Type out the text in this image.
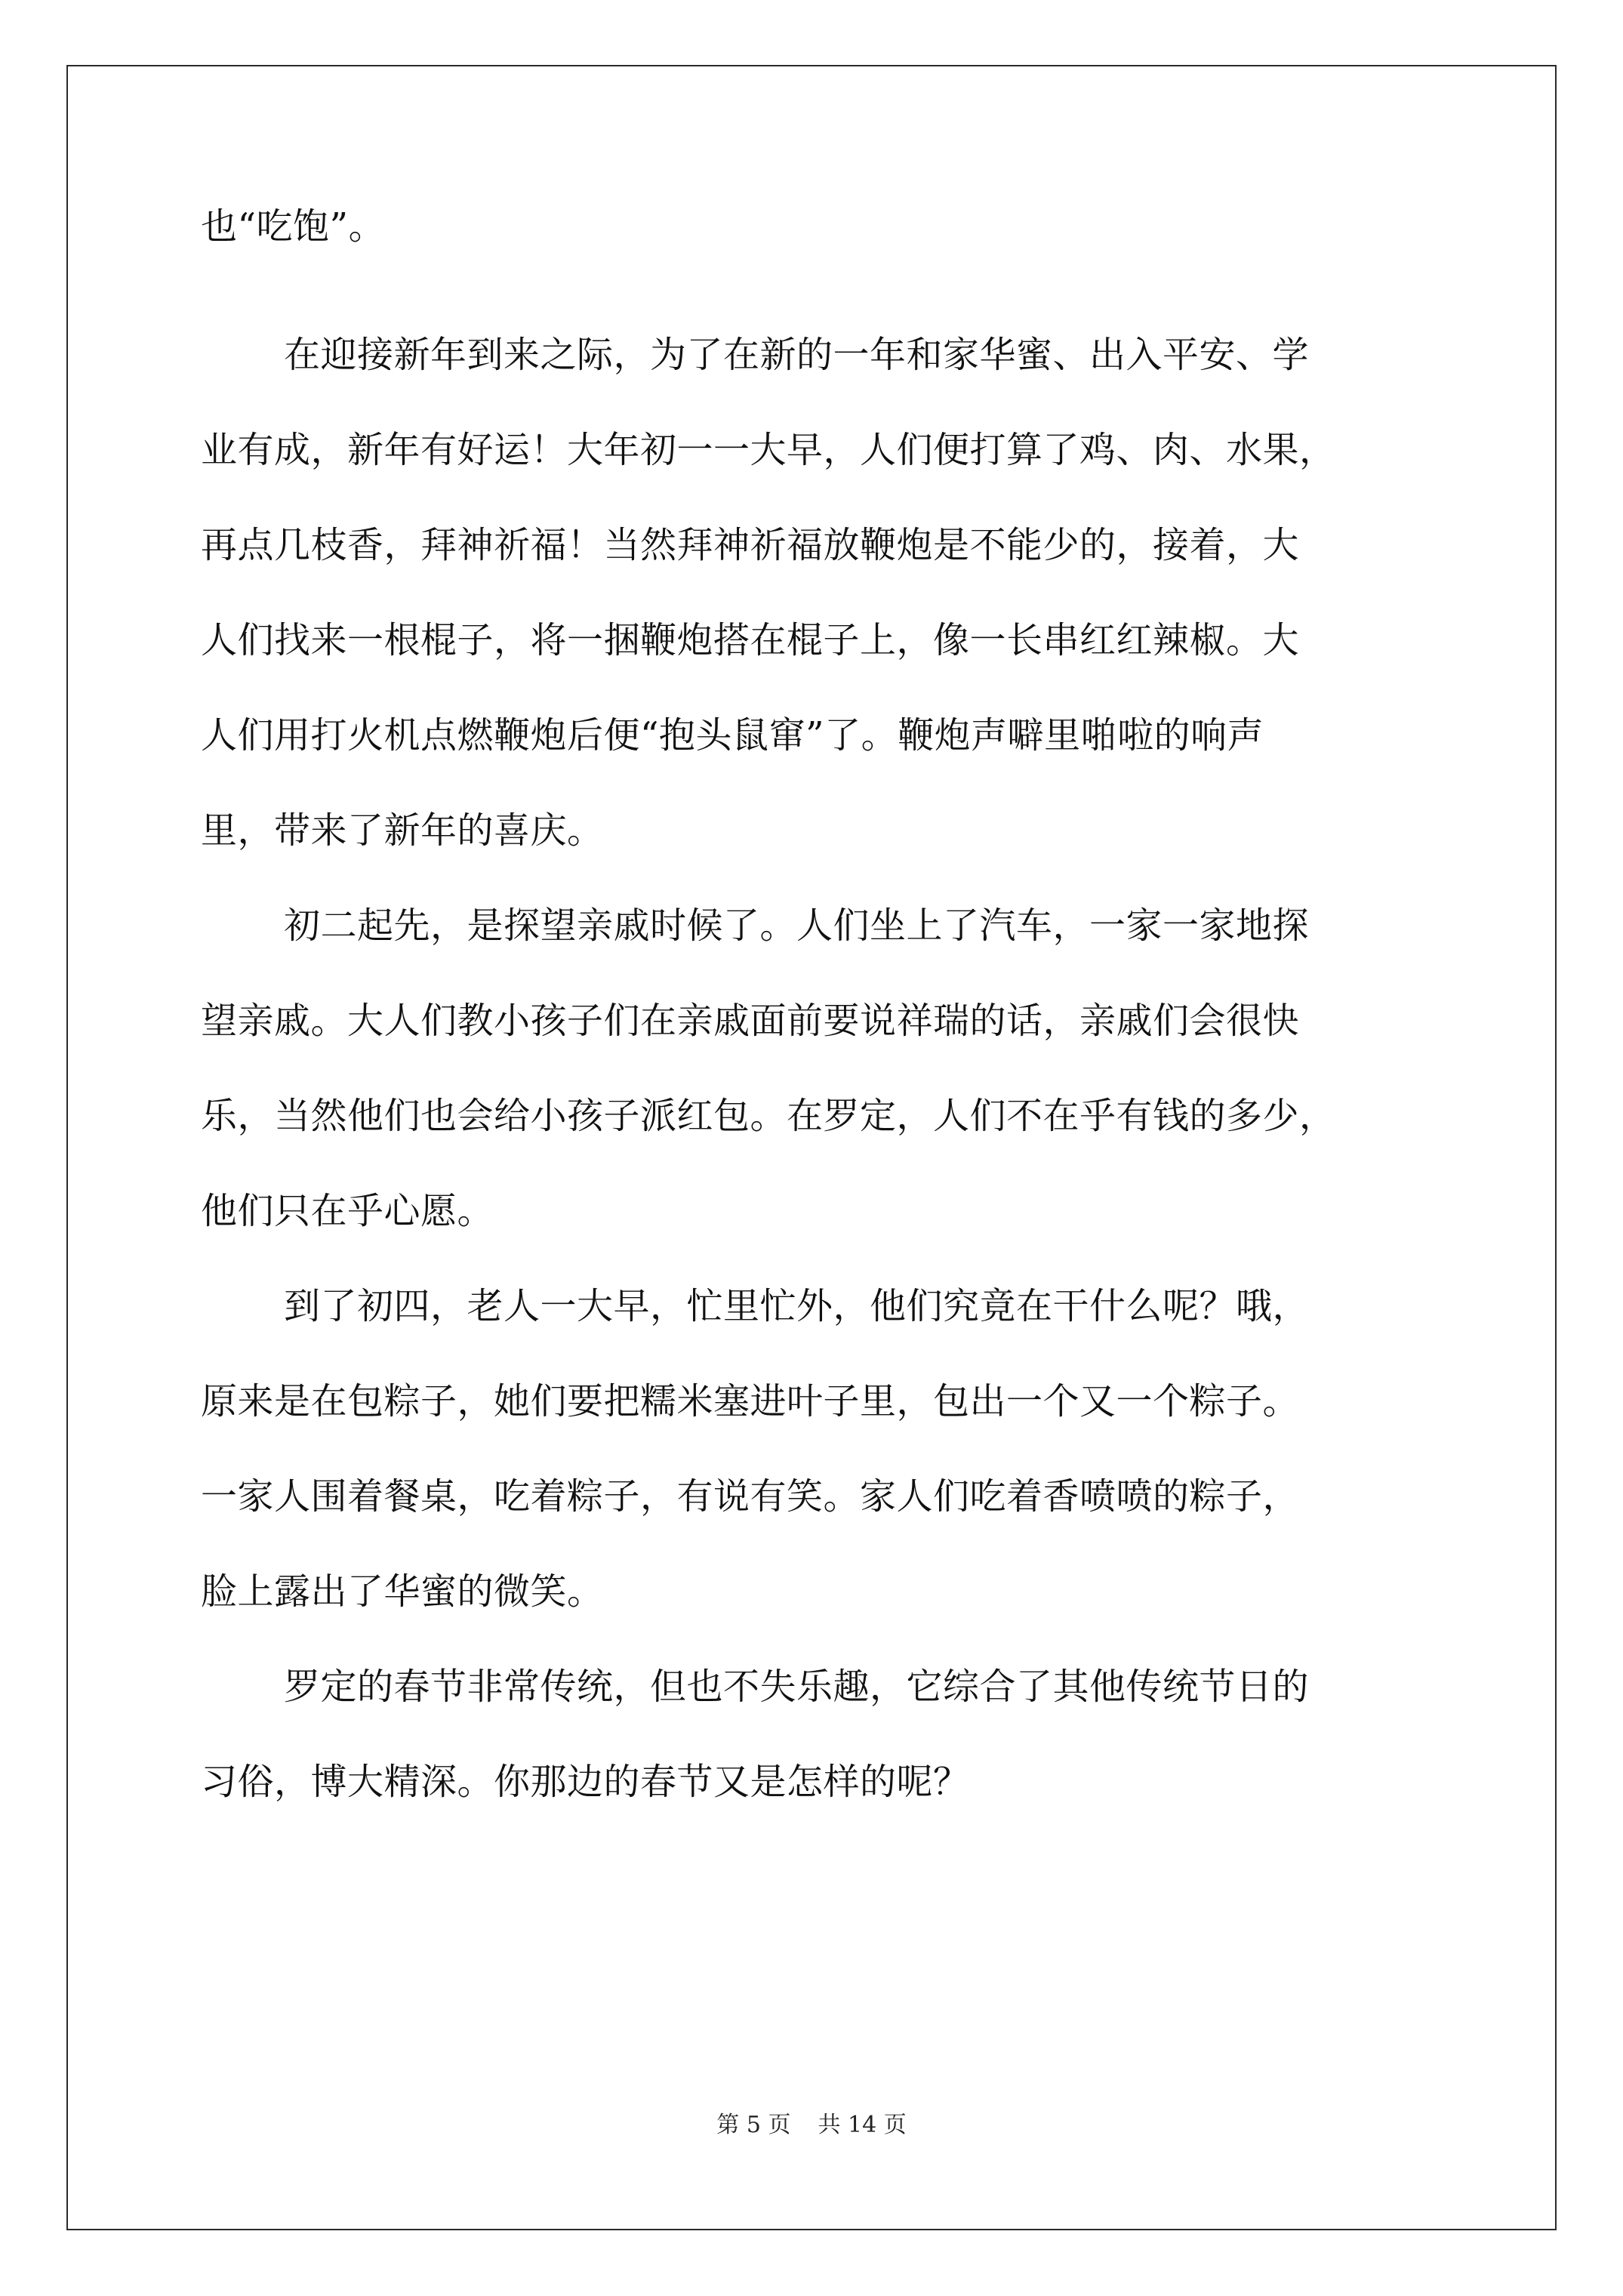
也“吃饱”。
在迎接新年到来之际，为了在新的一年和家华蜜、出入平安、学
业有成，新年有好运！大年初一一大早，人们便打算了鸡、肉、水果，
再点几枝香，拜神祈福！当然拜神祈福放鞭炮是不能少的，接着，大
人们找来一根棍子，将一捆鞭炮搭在棍子上，像一长串红红辣椒。大
人们用打火机点燃鞭炮后便“抱头鼠窜”了。鞭炮声噼里啪啦的响声
里，带来了新年的喜庆。
初二起先，是探望亲戚时候了。人们坐上了汽车，一家一家地探
望亲戚。大人们教小孩子们在亲戚面前要说祥瑞的话，亲戚们会很快
乐，当然他们也会给小孩子派红包。在罗定，人们不在乎有钱的多少，
他们只在乎心愿。
到了初四，老人一大早，忙里忙外，他们究竟在干什么呢？哦，
原来是在包粽子，她们要把糯米塞进叶子里，包出一个又一个粽子。
一家人围着餐桌，吃着粽子，有说有笑。家人们吃着香喷喷的粽子，
脸上露出了华蜜的微笑。
罗定的春节非常传统，但也不失乐趣，它综合了其他传统节日的
习俗，博大精深。你那边的春节又是怎样的呢？
第 5 页 共 14 页
